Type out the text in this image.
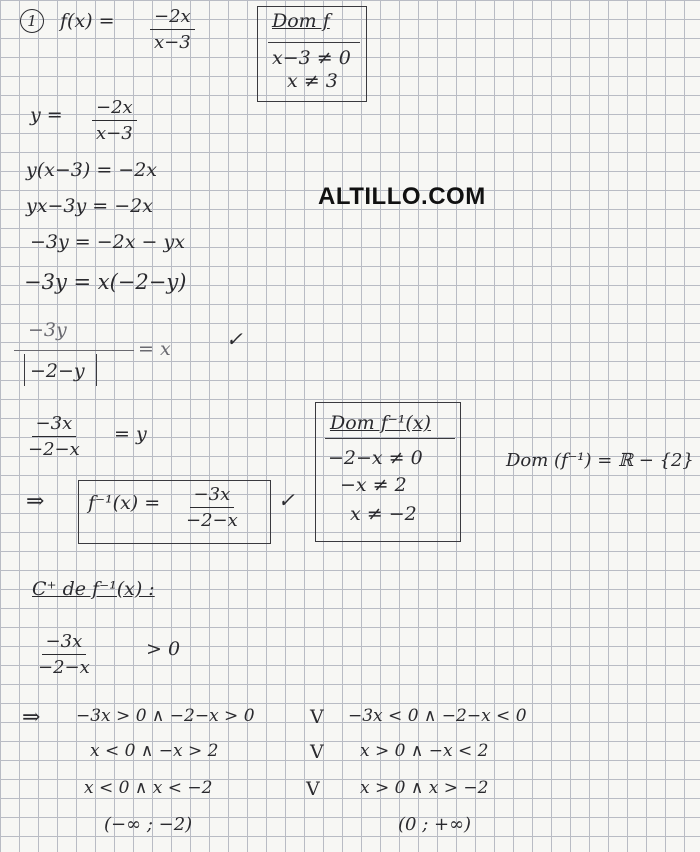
1	$f(x) = \frac{-2x}{x-3}$	Dom f
x−3 ≠ 0
x ≠ 3
ALTILLO.COM
$y = \frac{-2x}{x-3}$
y(x−3) = −2x
yx−3y = −2x
−3y = −2x − yx
−3y = x(−2−y)
−3y
= x	✓
−2−y
$\frac{-3x}{-2-x} = y$
⇒ $f^{-1}(x) = \frac{-3x}{-2-x}$ ✓
Dom f⁻¹(x)
−2−x ≠ 0
−x ≠ 2
x ≠ −2
Dom (f⁻¹) = ℝ − {2}
C⁺ de f⁻¹(x) :
$\frac{-3x}{-2-x}$	> 0
⇒ −3x > 0 ∧ −2−x > 0	V −3x < 0 ∧ −2−x < 0
x < 0 ∧ −x > 2	V x > 0 ∧ −x < 2
x < 0 ∧ x < −2	V x > 0 ∧ x > −2
(−∞ ; −2)	(0 ; +∞)
